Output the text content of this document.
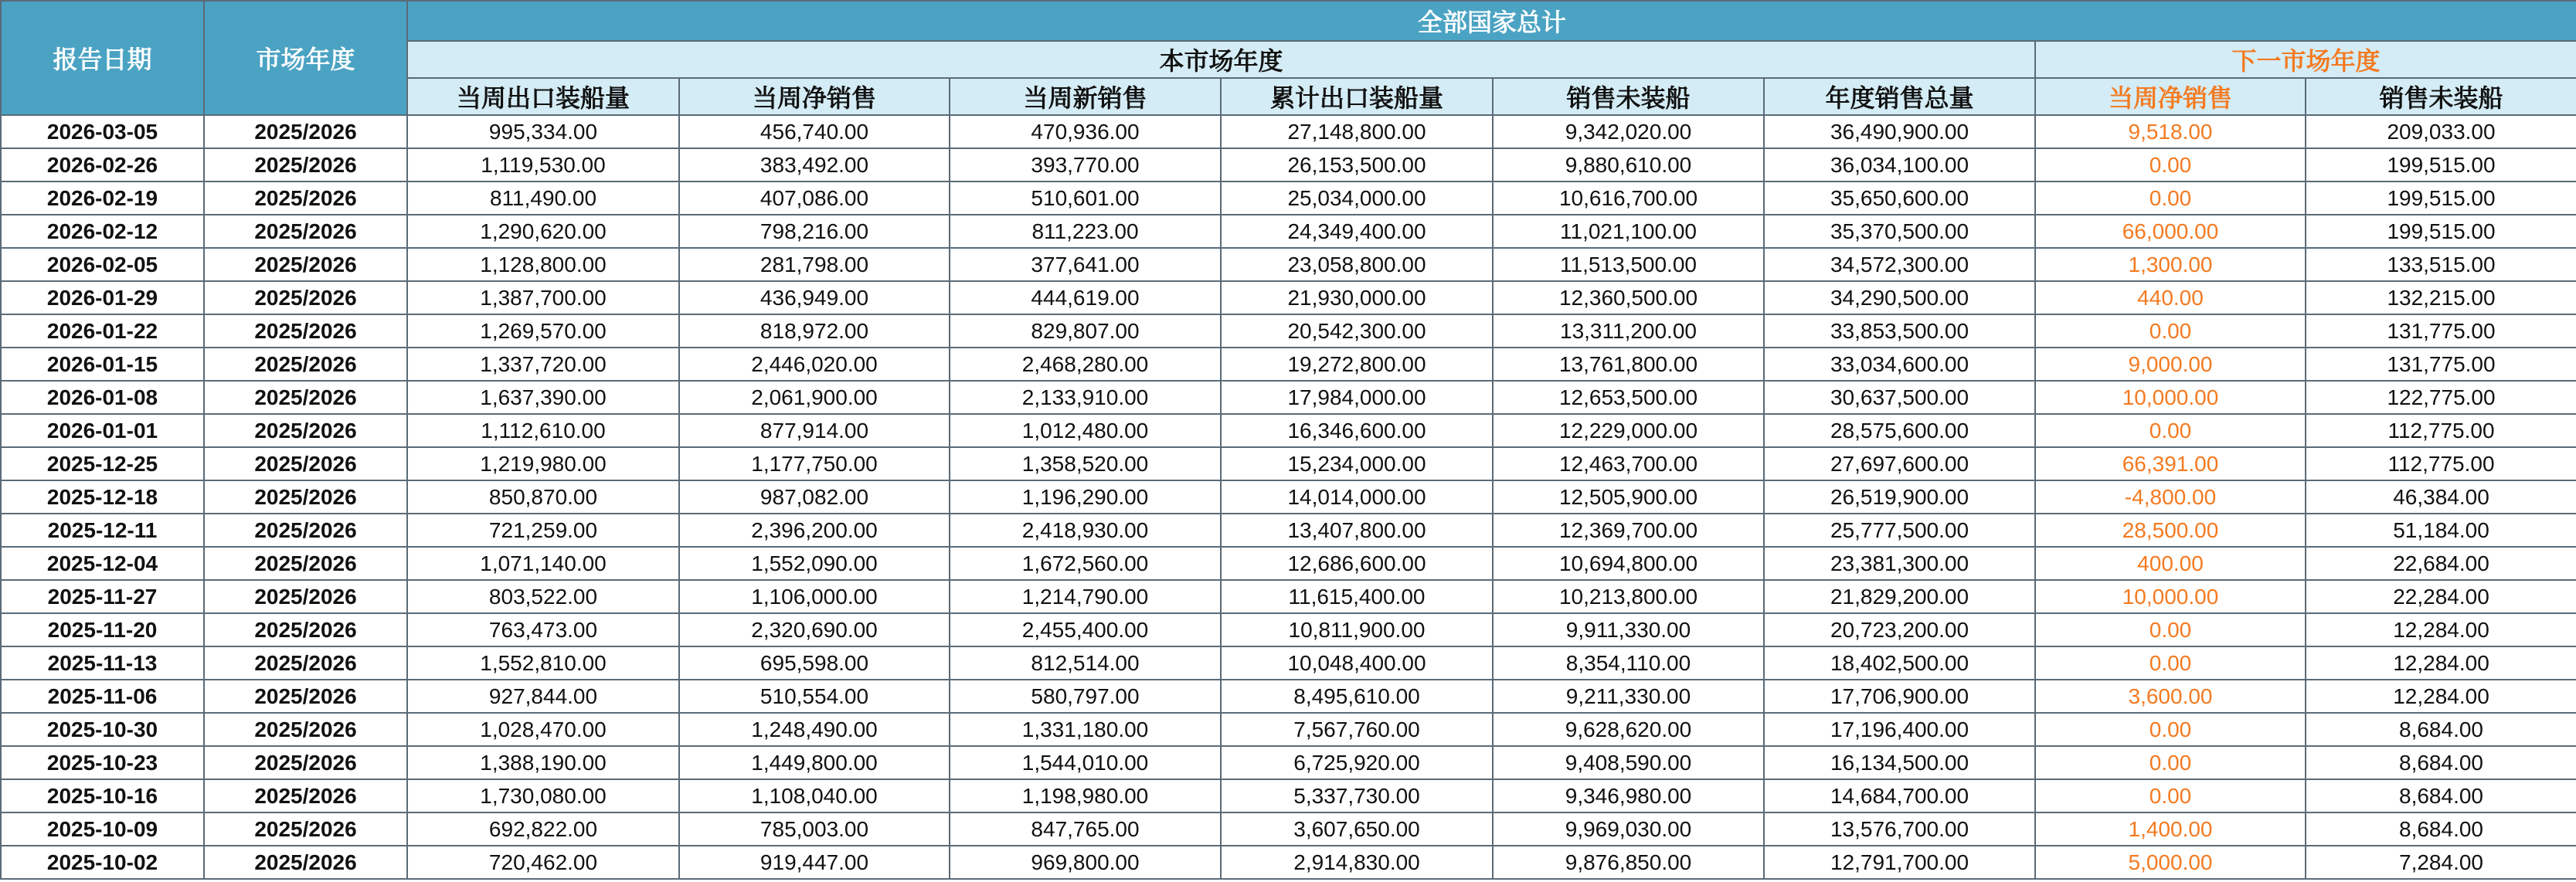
报告日期	市场年度	全部国家总计							
		本市场年度						下一市场年度	
		当周出口装船量	当周净销售	当周新销售	累计出口装船量	销售未装船	年度销售总量	当周净销售	销售未装船
2026-03-05	2025/2026	995,334.00	456,740.00	470,936.00	27,148,800.00	9,342,020.00	36,490,900.00	9,518.00	209,033.00
2026-02-26	2025/2026	1,119,530.00	383,492.00	393,770.00	26,153,500.00	9,880,610.00	36,034,100.00	0.00	199,515.00
2026-02-19	2025/2026	811,490.00	407,086.00	510,601.00	25,034,000.00	10,616,700.00	35,650,600.00	0.00	199,515.00
2026-02-12	2025/2026	1,290,620.00	798,216.00	811,223.00	24,349,400.00	11,021,100.00	35,370,500.00	66,000.00	199,515.00
2026-02-05	2025/2026	1,128,800.00	281,798.00	377,641.00	23,058,800.00	11,513,500.00	34,572,300.00	1,300.00	133,515.00
2026-01-29	2025/2026	1,387,700.00	436,949.00	444,619.00	21,930,000.00	12,360,500.00	34,290,500.00	440.00	132,215.00
2026-01-22	2025/2026	1,269,570.00	818,972.00	829,807.00	20,542,300.00	13,311,200.00	33,853,500.00	0.00	131,775.00
2026-01-15	2025/2026	1,337,720.00	2,446,020.00	2,468,280.00	19,272,800.00	13,761,800.00	33,034,600.00	9,000.00	131,775.00
2026-01-08	2025/2026	1,637,390.00	2,061,900.00	2,133,910.00	17,984,000.00	12,653,500.00	30,637,500.00	10,000.00	122,775.00
2026-01-01	2025/2026	1,112,610.00	877,914.00	1,012,480.00	16,346,600.00	12,229,000.00	28,575,600.00	0.00	112,775.00
2025-12-25	2025/2026	1,219,980.00	1,177,750.00	1,358,520.00	15,234,000.00	12,463,700.00	27,697,600.00	66,391.00	112,775.00
2025-12-18	2025/2026	850,870.00	987,082.00	1,196,290.00	14,014,000.00	12,505,900.00	26,519,900.00	-4,800.00	46,384.00
2025-12-11	2025/2026	721,259.00	2,396,200.00	2,418,930.00	13,407,800.00	12,369,700.00	25,777,500.00	28,500.00	51,184.00
2025-12-04	2025/2026	1,071,140.00	1,552,090.00	1,672,560.00	12,686,600.00	10,694,800.00	23,381,300.00	400.00	22,684.00
2025-11-27	2025/2026	803,522.00	1,106,000.00	1,214,790.00	11,615,400.00	10,213,800.00	21,829,200.00	10,000.00	22,284.00
2025-11-20	2025/2026	763,473.00	2,320,690.00	2,455,400.00	10,811,900.00	9,911,330.00	20,723,200.00	0.00	12,284.00
2025-11-13	2025/2026	1,552,810.00	695,598.00	812,514.00	10,048,400.00	8,354,110.00	18,402,500.00	0.00	12,284.00
2025-11-06	2025/2026	927,844.00	510,554.00	580,797.00	8,495,610.00	9,211,330.00	17,706,900.00	3,600.00	12,284.00
2025-10-30	2025/2026	1,028,470.00	1,248,490.00	1,331,180.00	7,567,760.00	9,628,620.00	17,196,400.00	0.00	8,684.00
2025-10-23	2025/2026	1,388,190.00	1,449,800.00	1,544,010.00	6,725,920.00	9,408,590.00	16,134,500.00	0.00	8,684.00
2025-10-16	2025/2026	1,730,080.00	1,108,040.00	1,198,980.00	5,337,730.00	9,346,980.00	14,684,700.00	0.00	8,684.00
2025-10-09	2025/2026	692,822.00	785,003.00	847,765.00	3,607,650.00	9,969,030.00	13,576,700.00	1,400.00	8,684.00
2025-10-02	2025/2026	720,462.00	919,447.00	969,800.00	2,914,830.00	9,876,850.00	12,791,700.00	5,000.00	7,284.00
